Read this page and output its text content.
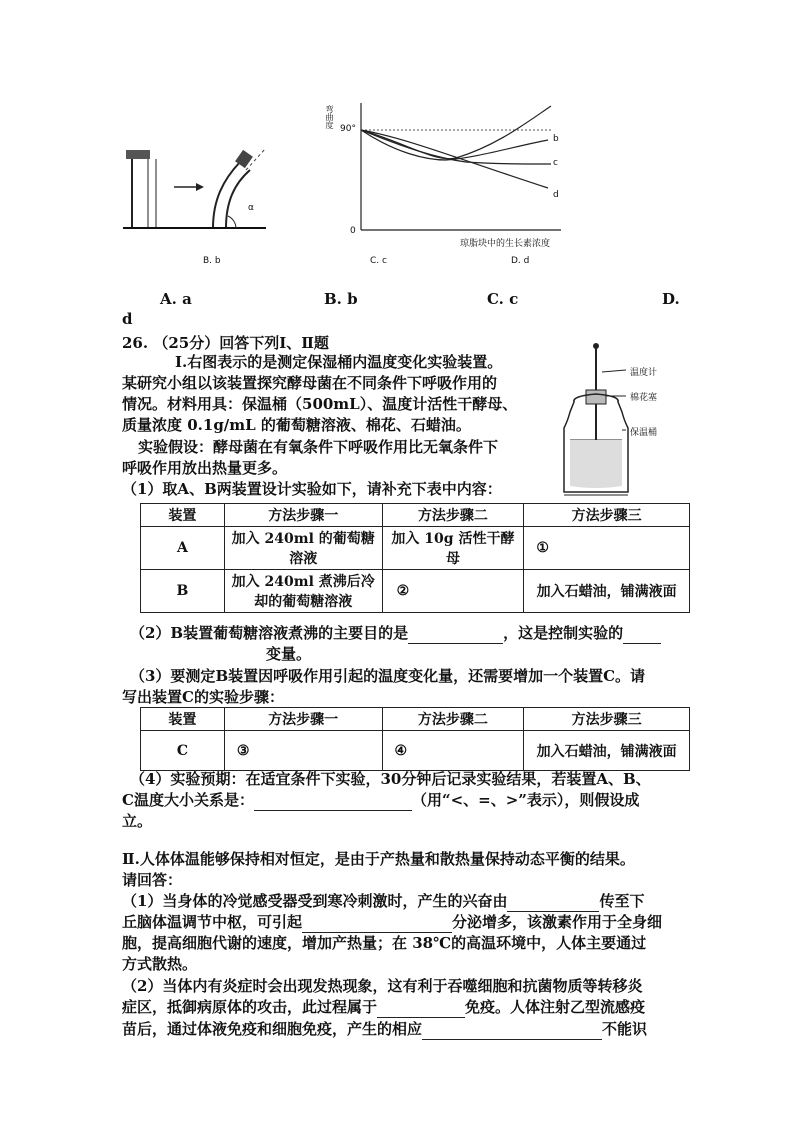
α
B. b
弯曲度 90°
0
琼脂块中的生长素浓度
b
c
d
C. c	D. d
A. a	B. b	C. c	D.
d
26. （25分）回答下列Ⅰ、Ⅱ题
Ⅰ.右图表示的是测定保湿桶内温度变化实验装置。
某研究小组以该装置探究酵母菌在不同条件下呼吸作用的
情况。材料用具：保温桶（500mL）、温度计活性干酵母、
质量浓度 0.1g/mL 的葡萄糖溶液、棉花、石蜡油。
实验假设：酵母菌在有氧条件下呼吸作用比无氧条件下
呼吸作用放出热量更多。
（1）取A、B两装置设计实验如下，请补充下表中内容：
温度计
棉花塞
保温桶
装置	方法步骤一	方法步骤二	方法步骤三
A	加入 240ml 的葡萄糖溶液	加入 10g 活性干酵母	①
B	加入 240ml 煮沸后冷却的葡萄糖溶液	②	加入石蜡油，铺满液面
（2）B装置葡萄糖溶液煮沸的主要目的是	，这是控制实验的
变量。
（3）要测定B装置因呼吸作用引起的温度变化量，还需要增加一个装置C。请
写出装置C的实验步骤：
装置	方法步骤一	方法步骤二	方法步骤三
C	③	④	加入石蜡油，铺满液面
（4）实验预期：在适宜条件下实验，30分钟后记录实验结果，若装置A、B、
C温度大小关系是：	（用“<、=、>”表示），则假设成
立。
Ⅱ.人体体温能够保持相对恒定，是由于产热量和散热量保持动态平衡的结果。
请回答：
（1）当身体的冷觉感受器受到寒冷刺激时，产生的兴奋由	传至下
丘脑体温调节中枢，可引起	分泌增多，该激素作用于全身细
胞，提高细胞代谢的速度，增加产热量；在 38℃的高温环境中，人体主要通过
方式散热。
（2）当体内有炎症时会出现发热现象，这有利于吞噬细胞和抗菌物质等转移炎
症区，抵御病原体的攻击，此过程属于	免疫。人体注射乙型流感疫
苗后，通过体液免疫和细胞免疫，产生的相应	不能识
